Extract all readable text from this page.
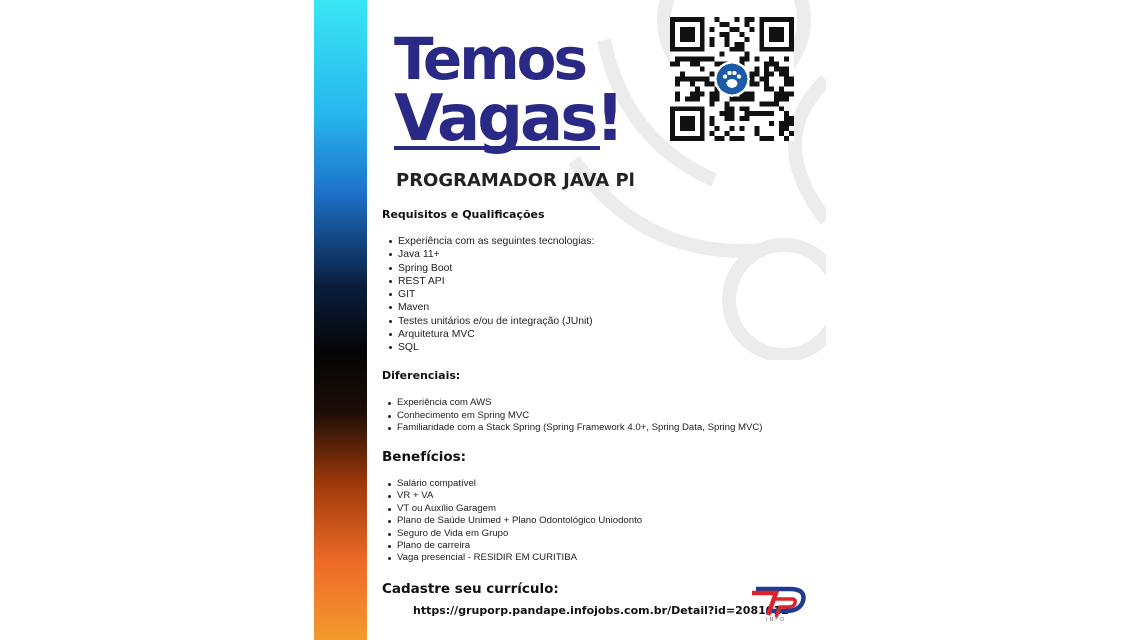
Temos
Vagas!
PROGRAMADOR JAVA Pl
Requisitos e Qualificações
Experiência com as seguintes tecnologias:
Java 11+
Spring Boot
REST API
GIT
Maven
Testes unitários e/ou de integração (JUnit)
Arquitetura MVC
SQL
Diferenciais:
Experiência com AWS
Conhecimento em Spring MVC
Familiaridade com a Stack Spring (Spring Framework 4.0+, Spring Data, Spring MVC)
Benefícios:
Salário compatível
VR + VA
VT ou Auxílio Garagem
Plano de Saúde Unimed + Plano Odontológico Uniodonto
Seguro de Vida em Grupo
Plano de carreira
Vaga presencial - RESIDIR EM CURITIBA
Cadastre seu currículo:
https://gruporp.pandape.infojobs.com.br/Detail?id=2081012
INFO
